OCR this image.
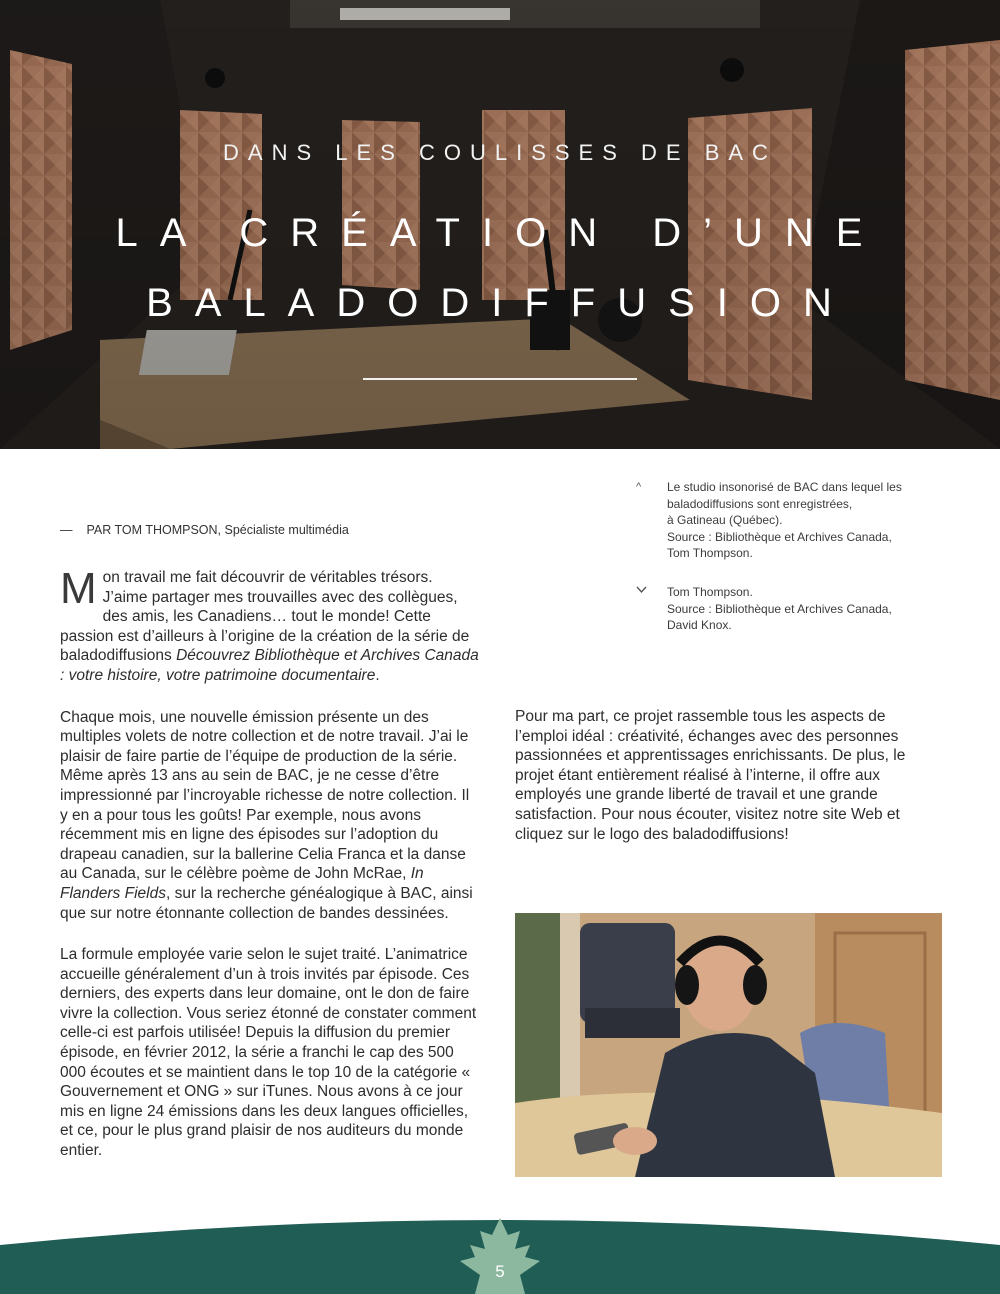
DANS LES COULISSES DE BAC
LA CRÉATION D’UNE
BALADODIFFUSION
^ Le studio insonorisé de BAC dans lequel les
baladodiffusions sont enregistrées,
à Gatineau (Québec).
Source : Bibliothèque et Archives Canada,
Tom Thompson.
Tom Thompson.
Source : Bibliothèque et Archives Canada,
David Knox.
— PAR TOM THOMPSON, Spécialiste multimédia

Mon travail me fait découvrir de véritables trésors. J’aime partager mes trouvailles avec des collègues, des amis, les Canadiens… tout le monde! Cette passion est d’ailleurs à l’origine de la création de la série de baladodiffusions Découvrez Bibliothèque et Archives Canada : votre histoire, votre patrimoine documentaire.

Chaque mois, une nouvelle émission présente un des multiples volets de notre collection et de notre travail. J’ai le plaisir de faire partie de l’équipe de production de la série. Même après 13 ans au sein de BAC, je ne cesse d’être impressionné par l’incroyable richesse de notre collection. Il y en a pour tous les goûts! Par exemple, nous avons récemment mis en ligne des épisodes sur l’adoption du drapeau canadien, sur la ballerine Celia Franca et la danse au Canada, sur le célèbre poème de John McRae, In Flanders Fields, sur la recherche généalogique à BAC, ainsi que sur notre étonnante collection de bandes dessinées.

La formule employée varie selon le sujet traité. L’animatrice accueille généralement d’un à trois invités par épisode. Ces derniers, des experts dans leur domaine, ont le don de faire vivre la collection. Vous seriez étonné de constater comment celle-ci est parfois utilisée! Depuis la diffusion du premier épisode, en février 2012, la série a franchi le cap des 500 000 écoutes et se maintient dans le top 10 de la catégorie « Gouvernement et ONG » sur iTunes. Nous avons à ce jour mis en ligne 24 émissions dans les deux langues officielles, et ce, pour le plus grand plaisir de nos auditeurs du monde entier.

Pour ma part, ce projet rassemble tous les aspects de l’emploi idéal : créativité, échanges avec des personnes passionnées et apprentissages enrichissants. De plus, le projet étant entièrement réalisé à l’interne, il offre aux employés une grande liberté de travail et une grande satisfaction. Pour nous écouter, visitez notre site Web et cliquez sur le logo des baladodiffusions!

5
